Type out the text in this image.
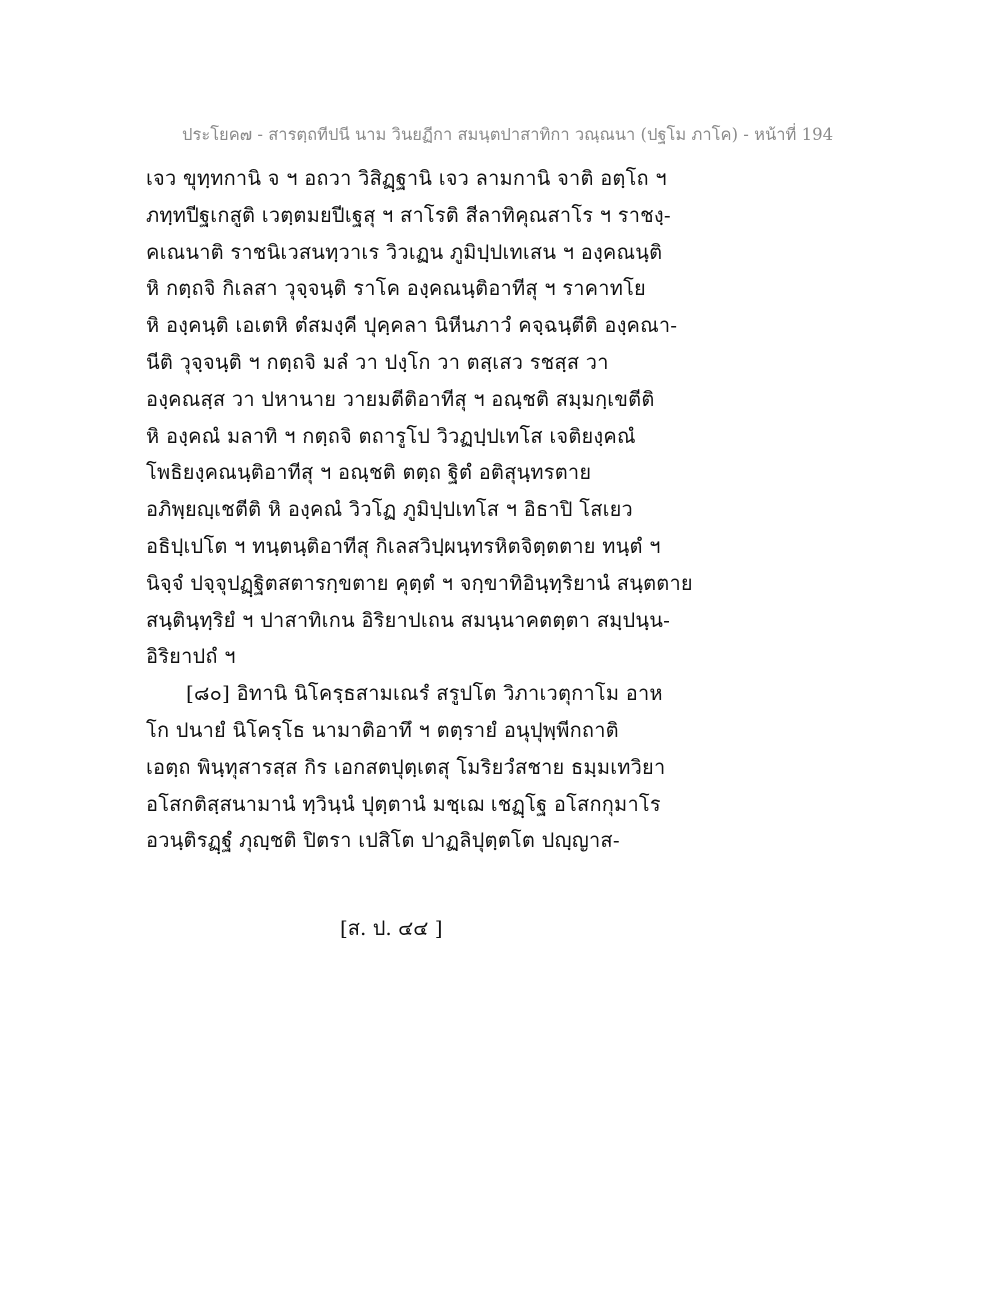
ประโยค๗ - สารตฺถทีปนี นาม วินยฏีกา สมนฺตปาสาทิกา วณฺณนา (ปฐโม ภาโค) - หน้าที่ 194
เจว ขุทฺทกานิ จ ฯ อถวา วิสิฏฺฐานิ เจว ลามกานิ จาติ อตฺโถ ฯ
ภทฺทปีฐเกสูติ เวตฺตมยปีเฐสุ ฯ สาโรติ สีลาทิคุณสาโร ฯ ราชงฺ-
คเณนาติ ราชนิเวสนทฺวาเร วิวเฏน ภูมิปฺปเทเสน ฯ องฺคณนฺติ
หิ กตฺถจิ กิเลสา วุจฺจนฺติ ราโค องฺคณนฺติอาทีสุ ฯ ราคาทโย
หิ องฺคนฺติ เอเตหิ ตํสมงฺคี ปุคฺคลา นิหีนภาวํ คจฺฉนฺตีติ องฺคณา-
นีติ วุจฺจนฺติ ฯ กตฺถจิ มลํ วา ปงฺโก วา ตสฺเสว รชสฺส วา
องฺคณสฺส วา ปหานาย วายมตีติอาทีสุ ฯ อณฺชติ สมฺมกฺเขตีติ
หิ องฺคณํ มลาทิ ฯ กตฺถจิ ตถารูโป วิวฏปฺปเทโส เจติยงฺคณํ
โพธิยงฺคณนฺติอาทีสุ ฯ อณฺชติ ตตฺถ ฐิตํ อติสุนฺทรตาย
อภิพฺยญฺเชตีติ หิ องฺคณํ วิวโฏ ภูมิปฺปเทโส ฯ อิธาปิ โสเยว
อธิปฺเปโต ฯ ทนฺตนฺติอาทีสุ กิเลสวิปฺผนฺทรหิตจิตฺตตาย ทนฺตํ ฯ
นิจฺจํ ปจฺจุปฏฺฐิตสตารกฺขตาย คุตฺตํ ฯ จกฺขาทิอินฺทฺริยานํ สนฺตตาย
สนฺตินฺทฺริยํ ฯ ปาสาทิเกน อิริยาปเถน สมนฺนาคตตฺตา สมฺปนฺน-
อิริยาปถํ ฯ
[๘๐] อิทานิ นิโครฺธสามเณรํ สรูปโต วิภาเวตุกาโม อาห
โก ปนายํ นิโครฺโธ นามาติอาทึ ฯ ตตฺรายํ อนุปุพฺพีกถาติ
เอตฺถ พินฺทุสารสฺส กิร เอกสตปุตฺเตสุ โมริยวํสชาย ธมฺมเทวิยา
อโสกติสฺสนามานํ ทฺวินฺนํ ปุตฺตานํ มชฺเฌ เชฏฺโฐ อโสกกุมาโร
อวนฺติรฏฺฐํ ภุญฺชติ ปิตรา เปสิโต ปาฏลิปุตฺตโต ปญฺญาส-
[ส. ป. ๔๔ ]
